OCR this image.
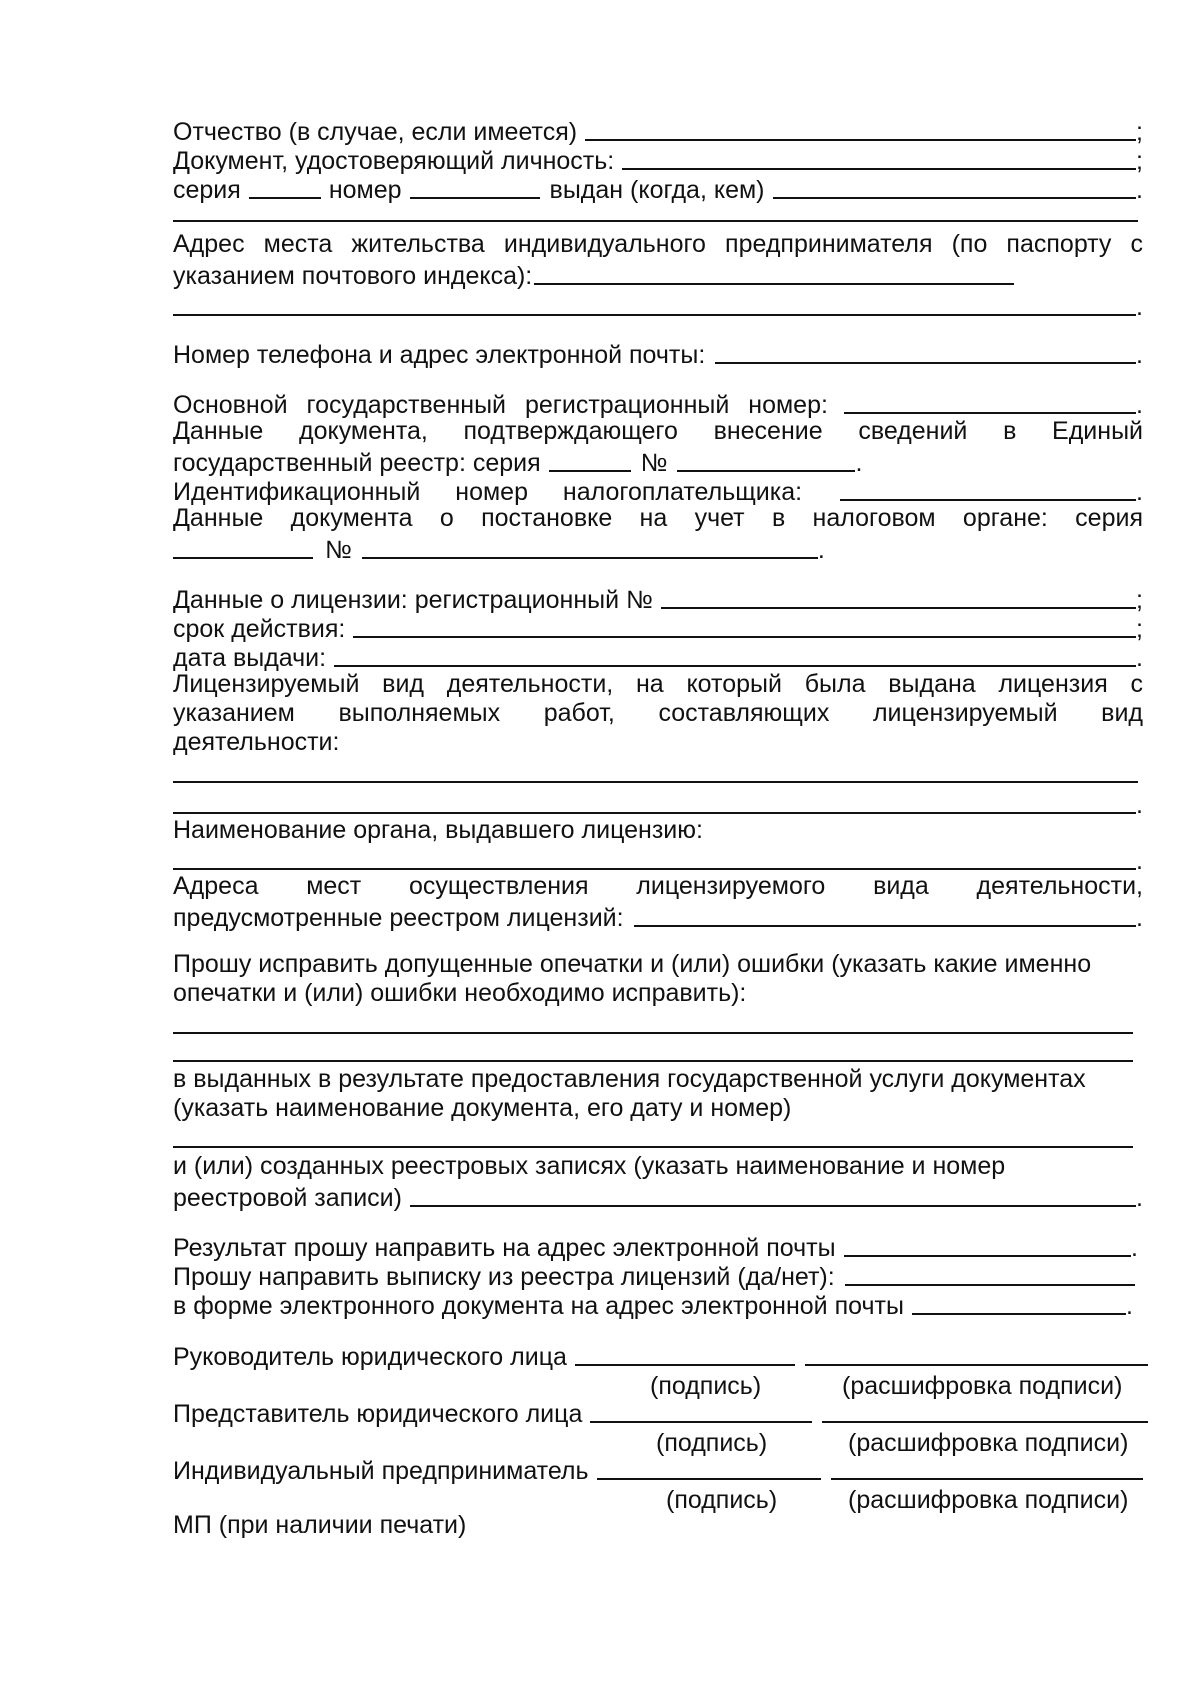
Отчество (в случае, если имеется)	;
Документ, удостоверяющий личность:	;
серия	номер	выдан (когда, кем)	.
Адрес места жительства индивидуального предпринимателя (по паспорту с
указанием почтового индекса):
.
Номер телефона и адрес электронной почты:	.
Основной государственный регистрационный номер:	.
Данные документа, подтверждающего внесение сведений в Единый
государственный реестр: серия	№	.
Идентификационный номер налогоплательщика:	.
Данные документа о постановке на учет в налоговом органе: серия
№	.
Данные о лицензии: регистрационный №	;
срок действия:	;
дата выдачи:	.
Лицензируемый вид деятельности, на который была выдана лицензия с
указанием выполняемых работ, составляющих лицензируемый вид
деятельности:
.
Наименование органа, выдавшего лицензию:
.
Адреса мест осуществления лицензируемого вида деятельности,
предусмотренные реестром лицензий:	.
Прошу исправить допущенные опечатки и (или) ошибки (указать какие именно
опечатки и (или) ошибки необходимо исправить):
в выданных в результате предоставления государственной услуги документах
(указать наименование документа, его дату и номер)
и (или) созданных реестровых записях (указать наименование и номер
реестровой записи)	.
Результат прошу направить на адрес электронной почты	.
Прошу направить выписку из реестра лицензий (да/нет):
в форме электронного документа на адрес электронной почты	.
Руководитель юридического лица
(подпись)	(расшифровка подписи)
Представитель юридического лица
(подпись)	(расшифровка подписи)
Индивидуальный предприниматель
(подпись)	(расшифровка подписи)
МП (при наличии печати)
